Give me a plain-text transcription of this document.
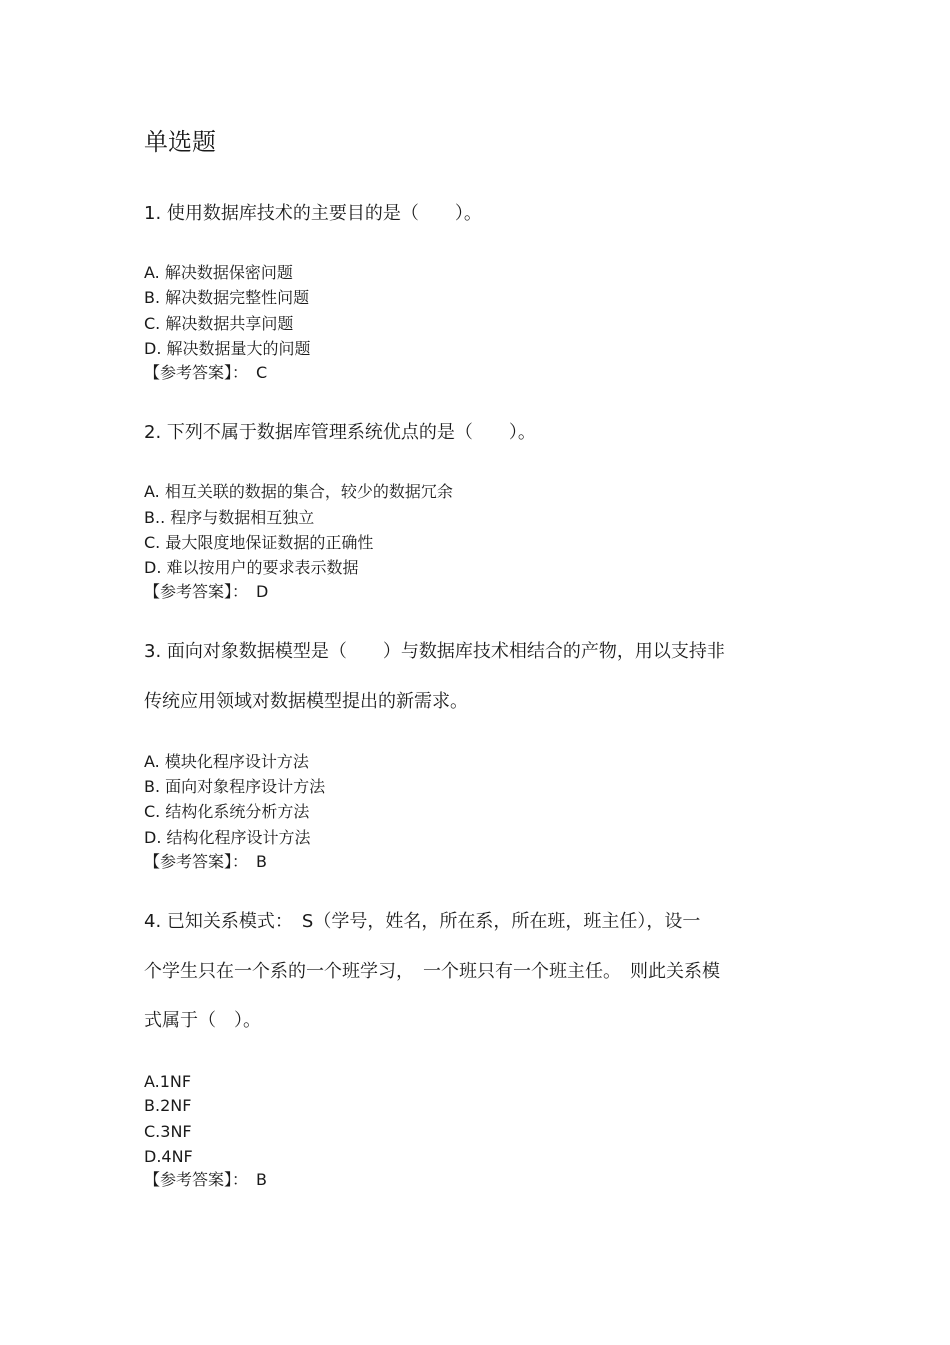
单选题

1. 使用数据库技术的主要目的是（　　）。

A. 解决数据保密问题

B. 解决数据完整性问题

C. 解决数据共享问题

D. 解决数据量大的问题

【参考答案】：　C

2. 下列不属于数据库管理系统优点的是（　　）。

A. 相互关联的数据的集合，较少的数据冗余

B.. 程序与数据相互独立

C. 最大限度地保证数据的正确性

D. 难以按用户的要求表示数据

【参考答案】：　D

3. 面向对象数据模型是（　　）与数据库技术相结合的产物，用以支持非

传统应用领域对数据模型提出的新需求。

A. 模块化程序设计方法

B. 面向对象程序设计方法

C. 结构化系统分析方法

D. 结构化程序设计方法

【参考答案】：　B

4. 已知关系模式：　S（学号，姓名，所在系，所在班，班主任），设一

个学生只在一个系的一个班学习，　一个班只有一个班主任。　则此关系模

式属于（　）。

A.1NF

B.2NF

C.3NF

D.4NF

【参考答案】：　B
